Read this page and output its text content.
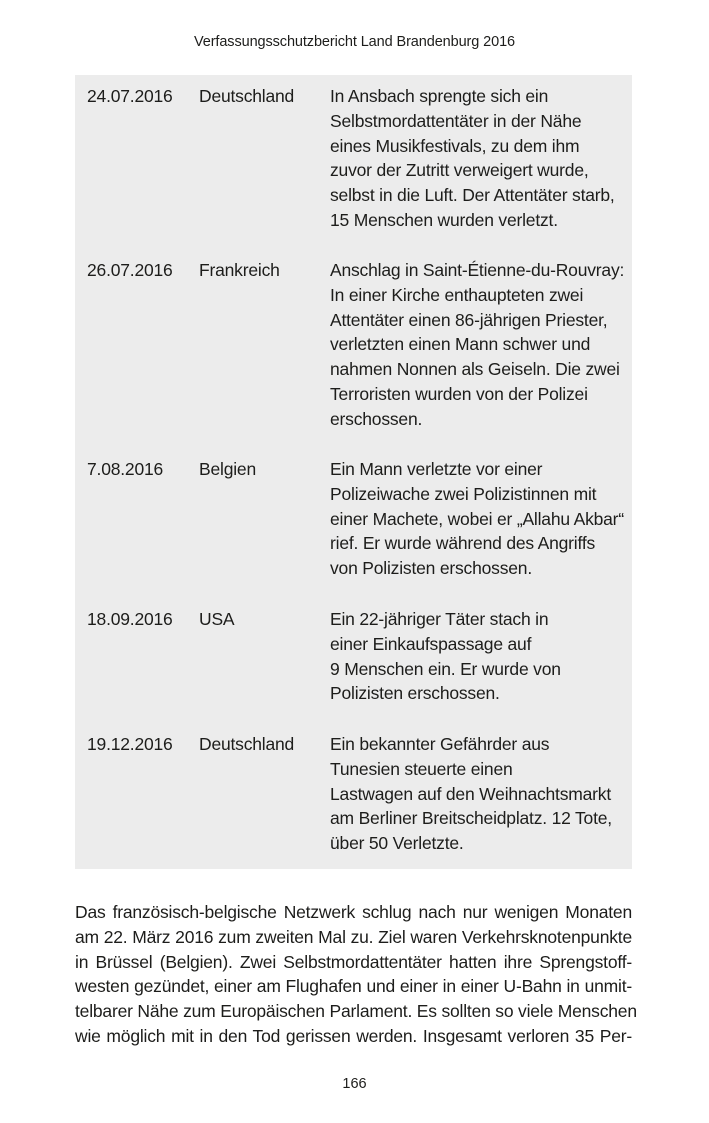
Verfassungsschutzbericht Land Brandenburg 2016
24.07.2016 Deutschland In Ansbach sprengte sich ein
Selbstmordattentäter in der Nähe
eines Musikfestivals, zu dem ihm
zuvor der Zutritt verweigert wurde,
selbst in die Luft. Der Attentäter starb,
15 Menschen wurden verletzt.
26.07.2016 Frankreich	Anschlag in Saint-Étienne-du-Rouvray:
In einer Kirche enthaupteten zwei
Attentäter einen 86-jährigen Priester,
verletzten einen Mann schwer und
nahmen Nonnen als Geiseln. Die zwei
Terroristen wurden von der Polizei
erschossen.
7.08.2016 Belgien	Ein Mann verletzte vor einer
Polizeiwache zwei Polizistinnen mit
einer Machete, wobei er „Allahu Akbar“
rief. Er wurde während des Angriffs
von Polizisten erschossen.
18.09.2016 USA	Ein 22-jähriger Täter stach in
einer Einkaufspassage auf
9 Menschen ein. Er wurde von
Polizisten erschossen.
19.12.2016 Deutschland Ein bekannter Gefährder aus
Tunesien steuerte einen
Lastwagen auf den Weihnachtsmarkt
am Berliner Breitscheidplatz. 12 Tote,
über 50 Verletzte.
Das französisch-belgische Netzwerk schlug nach nur wenigen Monaten
am 22. März 2016 zum zweiten Mal zu. Ziel waren Verkehrsknotenpunkte
in Brüssel (Belgien). Zwei Selbstmordattentäter hatten ihre Sprengstoff-
westen gezündet, einer am Flughafen und einer in einer U-Bahn in unmit-
telbarer Nähe zum Europäischen Parlament. Es sollten so viele Menschen
wie möglich mit in den Tod gerissen werden. Insgesamt verloren 35 Per-
166
